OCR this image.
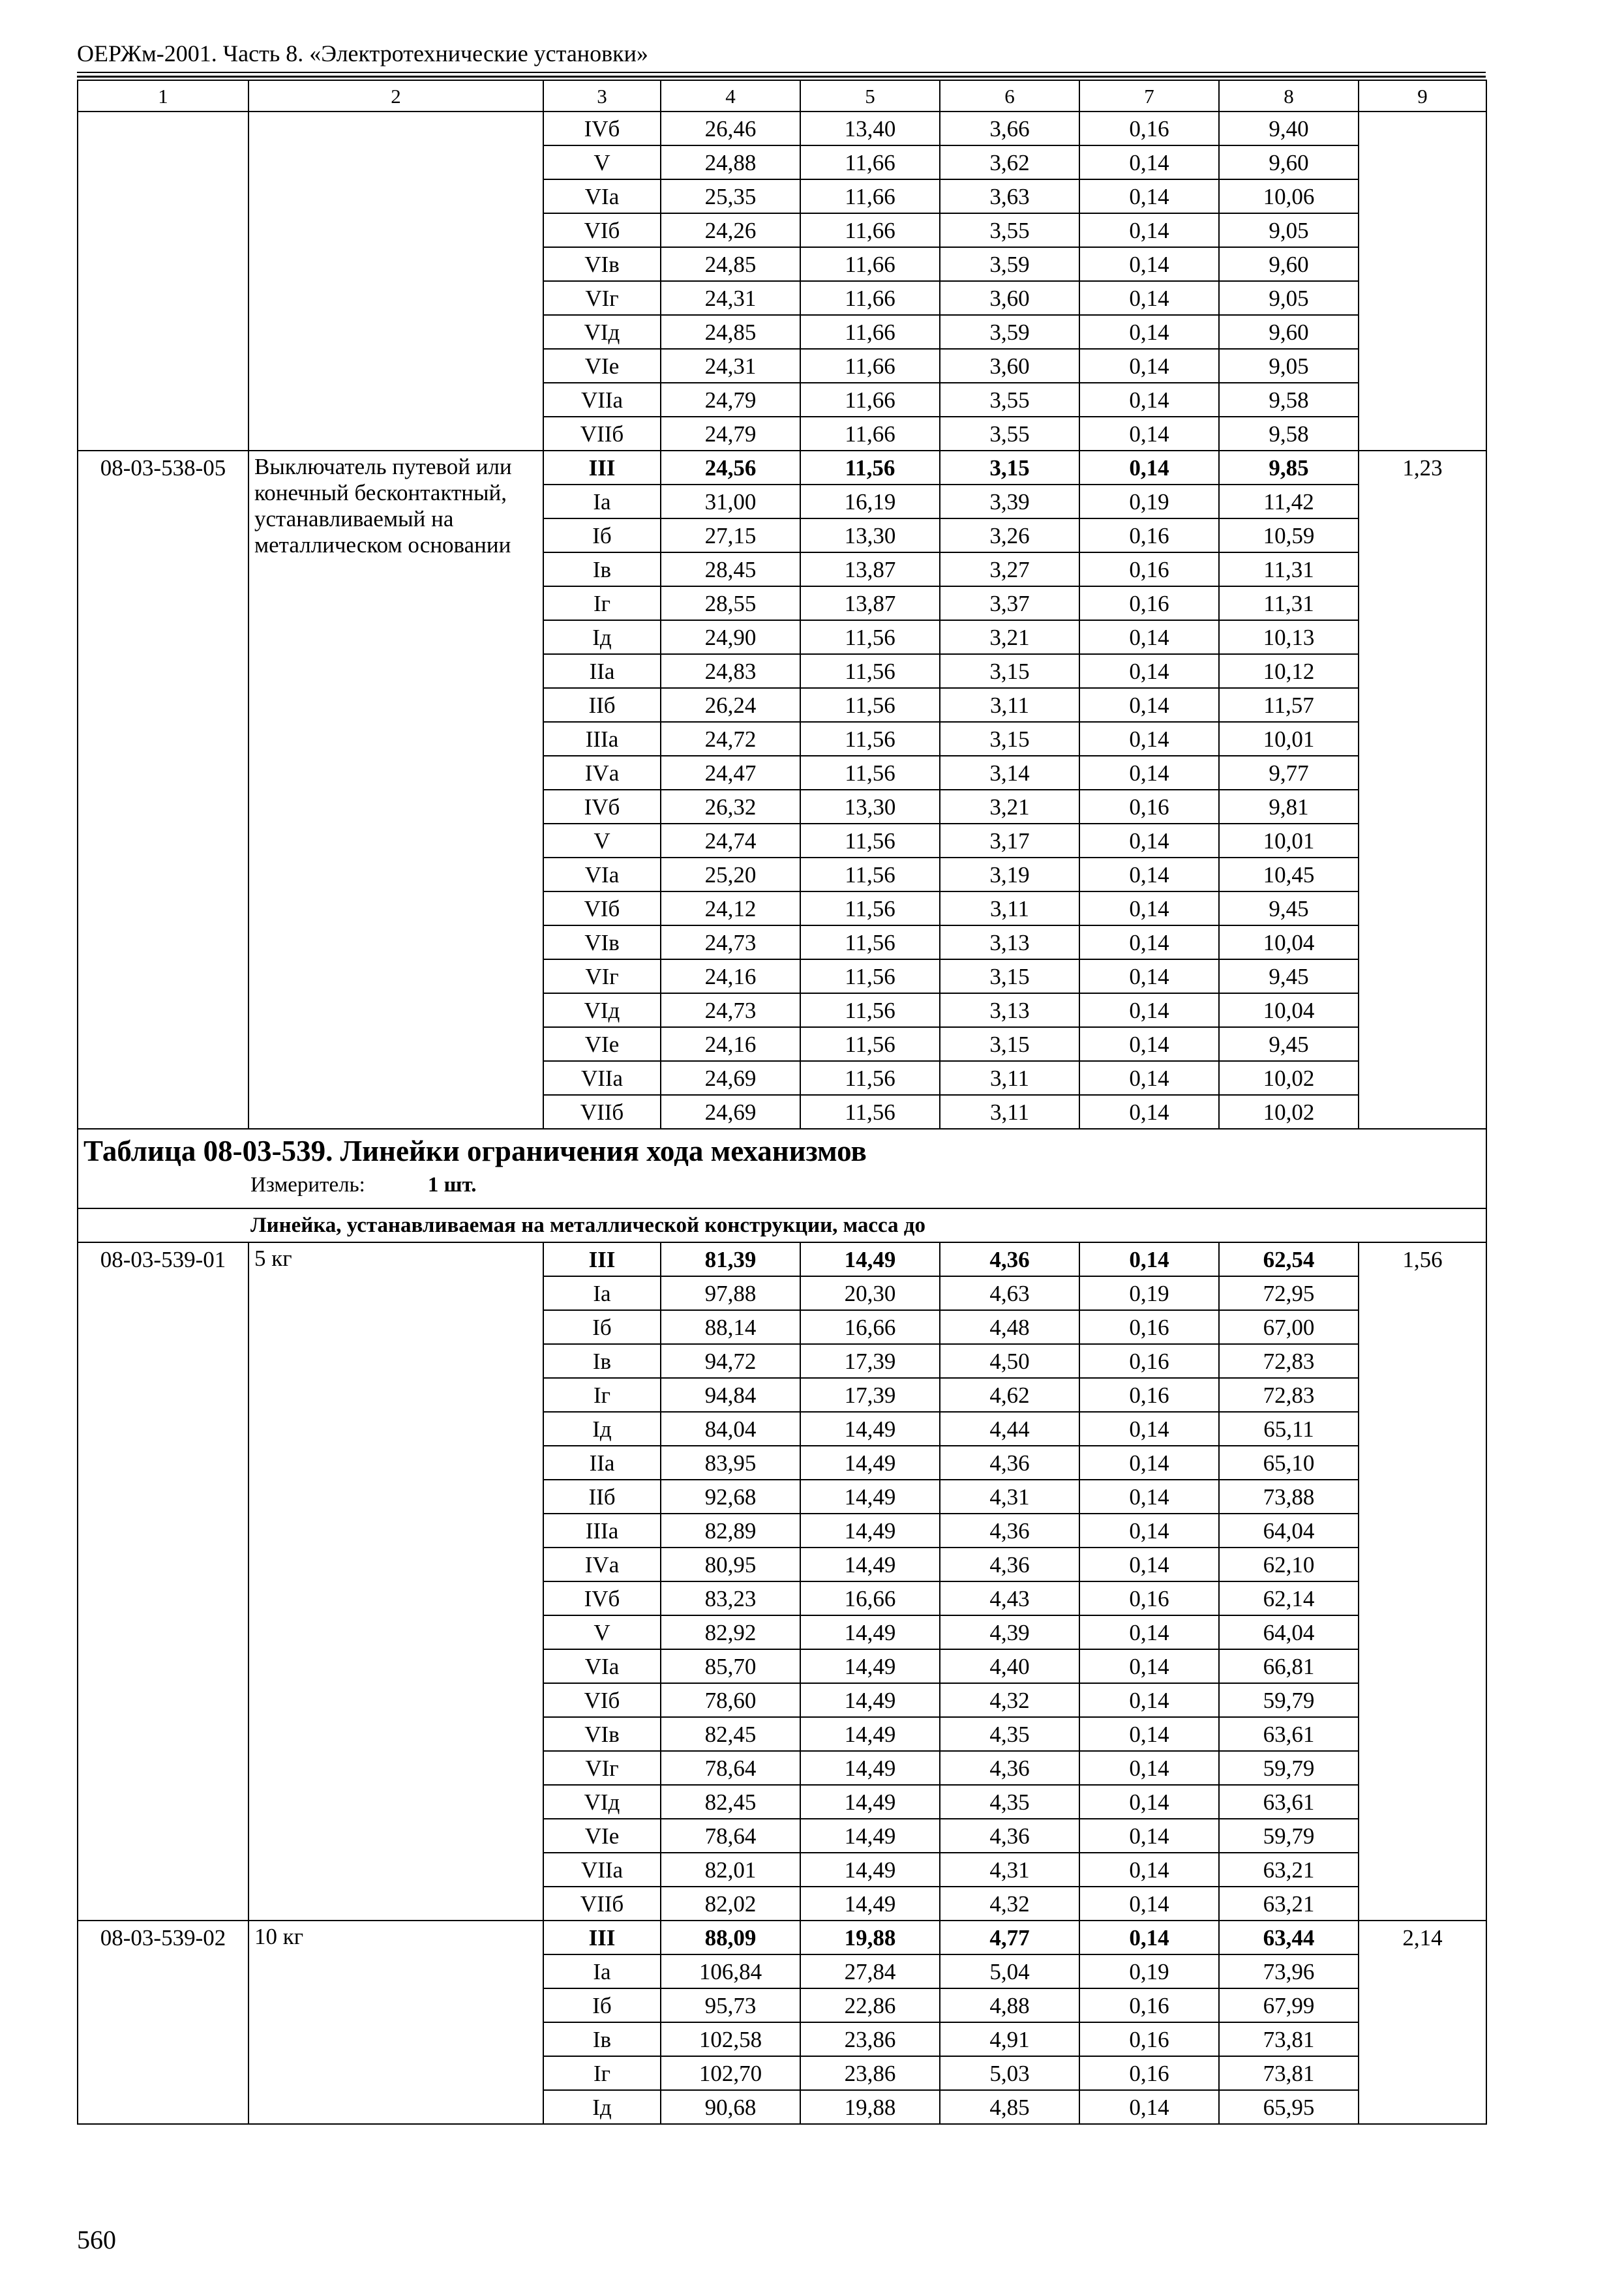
ОЕРЖм-2001. Часть 8. «Электротехнические установки»
1	2	3	4	5	6	7	8	9
		IVб	26,46	13,40	3,66	0,16	9,40	
		V	24,88	11,66	3,62	0,14	9,60	
		VIа	25,35	11,66	3,63	0,14	10,06	
		VIб	24,26	11,66	3,55	0,14	9,05	
		VIв	24,85	11,66	3,59	0,14	9,60	
		VIг	24,31	11,66	3,60	0,14	9,05	
		VIд	24,85	11,66	3,59	0,14	9,60	
		VIе	24,31	11,66	3,60	0,14	9,05	
		VIIа	24,79	11,66	3,55	0,14	9,58	
		VIIб	24,79	11,66	3,55	0,14	9,58	
08-03-538-05	Выключатель путевой или конечный бесконтактный, устанавливаемый на металлическом основании	III	24,56	11,56	3,15	0,14	9,85	1,23
		Iа	31,00	16,19	3,39	0,19	11,42	
		Iб	27,15	13,30	3,26	0,16	10,59	
		Iв	28,45	13,87	3,27	0,16	11,31	
		Iг	28,55	13,87	3,37	0,16	11,31	
		Iд	24,90	11,56	3,21	0,14	10,13	
		IIа	24,83	11,56	3,15	0,14	10,12	
		IIб	26,24	11,56	3,11	0,14	11,57	
		IIIа	24,72	11,56	3,15	0,14	10,01	
		IVа	24,47	11,56	3,14	0,14	9,77	
		IVб	26,32	13,30	3,21	0,16	9,81	
		V	24,74	11,56	3,17	0,14	10,01	
		VIа	25,20	11,56	3,19	0,14	10,45	
		VIб	24,12	11,56	3,11	0,14	9,45	
		VIв	24,73	11,56	3,13	0,14	10,04	
		VIг	24,16	11,56	3,15	0,14	9,45	
		VIд	24,73	11,56	3,13	0,14	10,04	
		VIе	24,16	11,56	3,15	0,14	9,45	
		VIIа	24,69	11,56	3,11	0,14	10,02	
		VIIб	24,69	11,56	3,11	0,14	10,02	

Таблица 08-03-539. Линейки ограничения хода механизмов
Измеритель: 1 шт.								

Линейка, устанавливаемая на металлической конструкции, масса до								
08-03-539-01	5 кг	III	81,39	14,49	4,36	0,14	62,54	1,56
		Iа	97,88	20,30	4,63	0,19	72,95	
		Iб	88,14	16,66	4,48	0,16	67,00	
		Iв	94,72	17,39	4,50	0,16	72,83	
		Iг	94,84	17,39	4,62	0,16	72,83	
		Iд	84,04	14,49	4,44	0,14	65,11	
		IIа	83,95	14,49	4,36	0,14	65,10	
		IIб	92,68	14,49	4,31	0,14	73,88	
		IIIа	82,89	14,49	4,36	0,14	64,04	
		IVа	80,95	14,49	4,36	0,14	62,10	
		IVб	83,23	16,66	4,43	0,16	62,14	
		V	82,92	14,49	4,39	0,14	64,04	
		VIа	85,70	14,49	4,40	0,14	66,81	
		VIб	78,60	14,49	4,32	0,14	59,79	
		VIв	82,45	14,49	4,35	0,14	63,61	
		VIг	78,64	14,49	4,36	0,14	59,79	
		VIд	82,45	14,49	4,35	0,14	63,61	
		VIе	78,64	14,49	4,36	0,14	59,79	
		VIIа	82,01	14,49	4,31	0,14	63,21	
		VIIб	82,02	14,49	4,32	0,14	63,21	
08-03-539-02	10 кг	III	88,09	19,88	4,77	0,14	63,44	2,14
		Iа	106,84	27,84	5,04	0,19	73,96	
		Iб	95,73	22,86	4,88	0,16	67,99	
		Iв	102,58	23,86	4,91	0,16	73,81	
		Iг	102,70	23,86	5,03	0,16	73,81	
		Iд	90,68	19,88	4,85	0,14	65,95	
560
